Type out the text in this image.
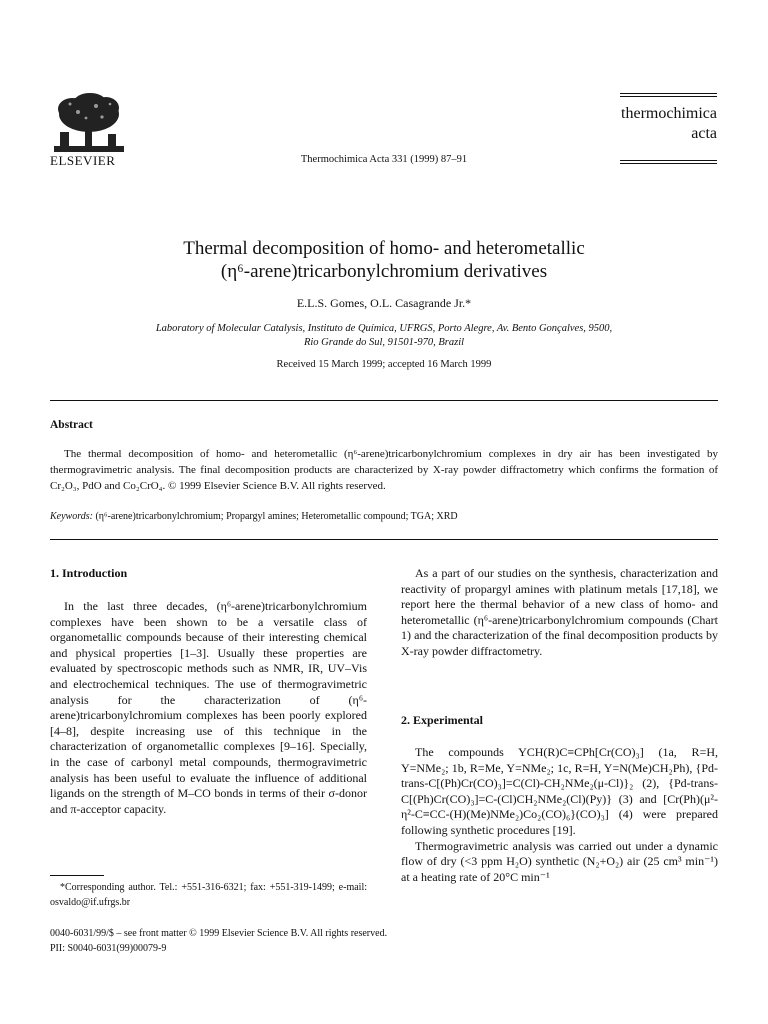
ELSEVIER	Thermochimica Acta 331 (1999) 87–91
thermochimica
acta
Thermal decomposition of homo- and heterometallic
(η⁶-arene)tricarbonylchromium derivatives
E.L.S. Gomes, O.L. Casagrande Jr.*
Laboratory of Molecular Catalysis, Instituto de Química, UFRGS, Porto Alegre, Av. Bento Gonçalves, 9500,
Rio Grande do Sul, 91501-970, Brazil
Received 15 March 1999; accepted 16 March 1999
Abstract
The thermal decomposition of homo- and heterometallic (η⁶-arene)tricarbonylchromium complexes in dry air has been investigated by thermogravimetric analysis. The final decomposition products are characterized by X-ray powder diffractometry which confirms the formation of Cr₂O₃, PdO and Co₂CrO₄. © 1999 Elsevier Science B.V. All rights reserved.
Keywords: (η⁶-arene)tricarbonylchromium; Propargyl amines; Heterometallic compound; TGA; XRD
1. Introduction

In the last three decades, (η⁶-arene)tricarbonylchromium complexes have been shown to be a versatile class of organometallic compounds because of their interesting chemical and physical properties [1–3]. Usually these properties are evaluated by spectroscopic methods such as NMR, IR, UV–Vis and electrochemical techniques. The use of thermogravimetric analysis for the characterization of (η⁶-arene)tricarbonylchromium complexes has been poorly explored [4–8], despite increasing use of this technique in the characterization of organometallic complexes [9–16]. Specially, in the case of carbonyl metal compounds, thermogravimetric analysis has been useful to evaluate the influence of additional ligands on the strength of M–CO bonds in terms of their σ-donor and π-acceptor capacity.

*Corresponding author. Tel.: +551-316-6321; fax: +551-319-1499; e-mail: osvaldo@if.ufrgs.br

As a part of our studies on the synthesis, characterization and reactivity of propargyl amines with platinum metals [17,18], we report here the thermal behavior of a new class of homo- and heterometallic (η⁶-arene)tricarbonylchromium compounds (Chart 1) and the characterization of the final decomposition products by X-ray powder diffractometry.

2. Experimental

The compounds YCH(R)C≡CPh[Cr(CO)₃] (1a, R=H, Y=NMe₂; 1b, R=Me, Y=NMe₂; 1c, R=H, Y=N(Me)CH₂Ph), {Pd-trans-C[(Ph)Cr(CO)₃]=C(Cl)-CH₂NMe₂(μ-Cl)}₂ (2), {Pd-trans-C[(Ph)Cr(CO)₃]=C-(Cl)CH₂NMe₂(Cl)(Py)} (3) and [Cr(Ph)(μ²-η²-C≡CC-(H)(Me)NMe₂)Co₂(CO)₆}(CO)₃] (4) were prepared following synthetic procedures [19].

Thermogravimetric analysis was carried out under a dynamic flow of dry (<3 ppm H₂O) synthetic (N₂+O₂) air (25 cm³ min⁻¹) at a heating rate of 20°C min⁻¹

0040-6031/99/$ – see front matter © 1999 Elsevier Science B.V. All rights reserved.
PII: S0040-6031(99)00079-9
